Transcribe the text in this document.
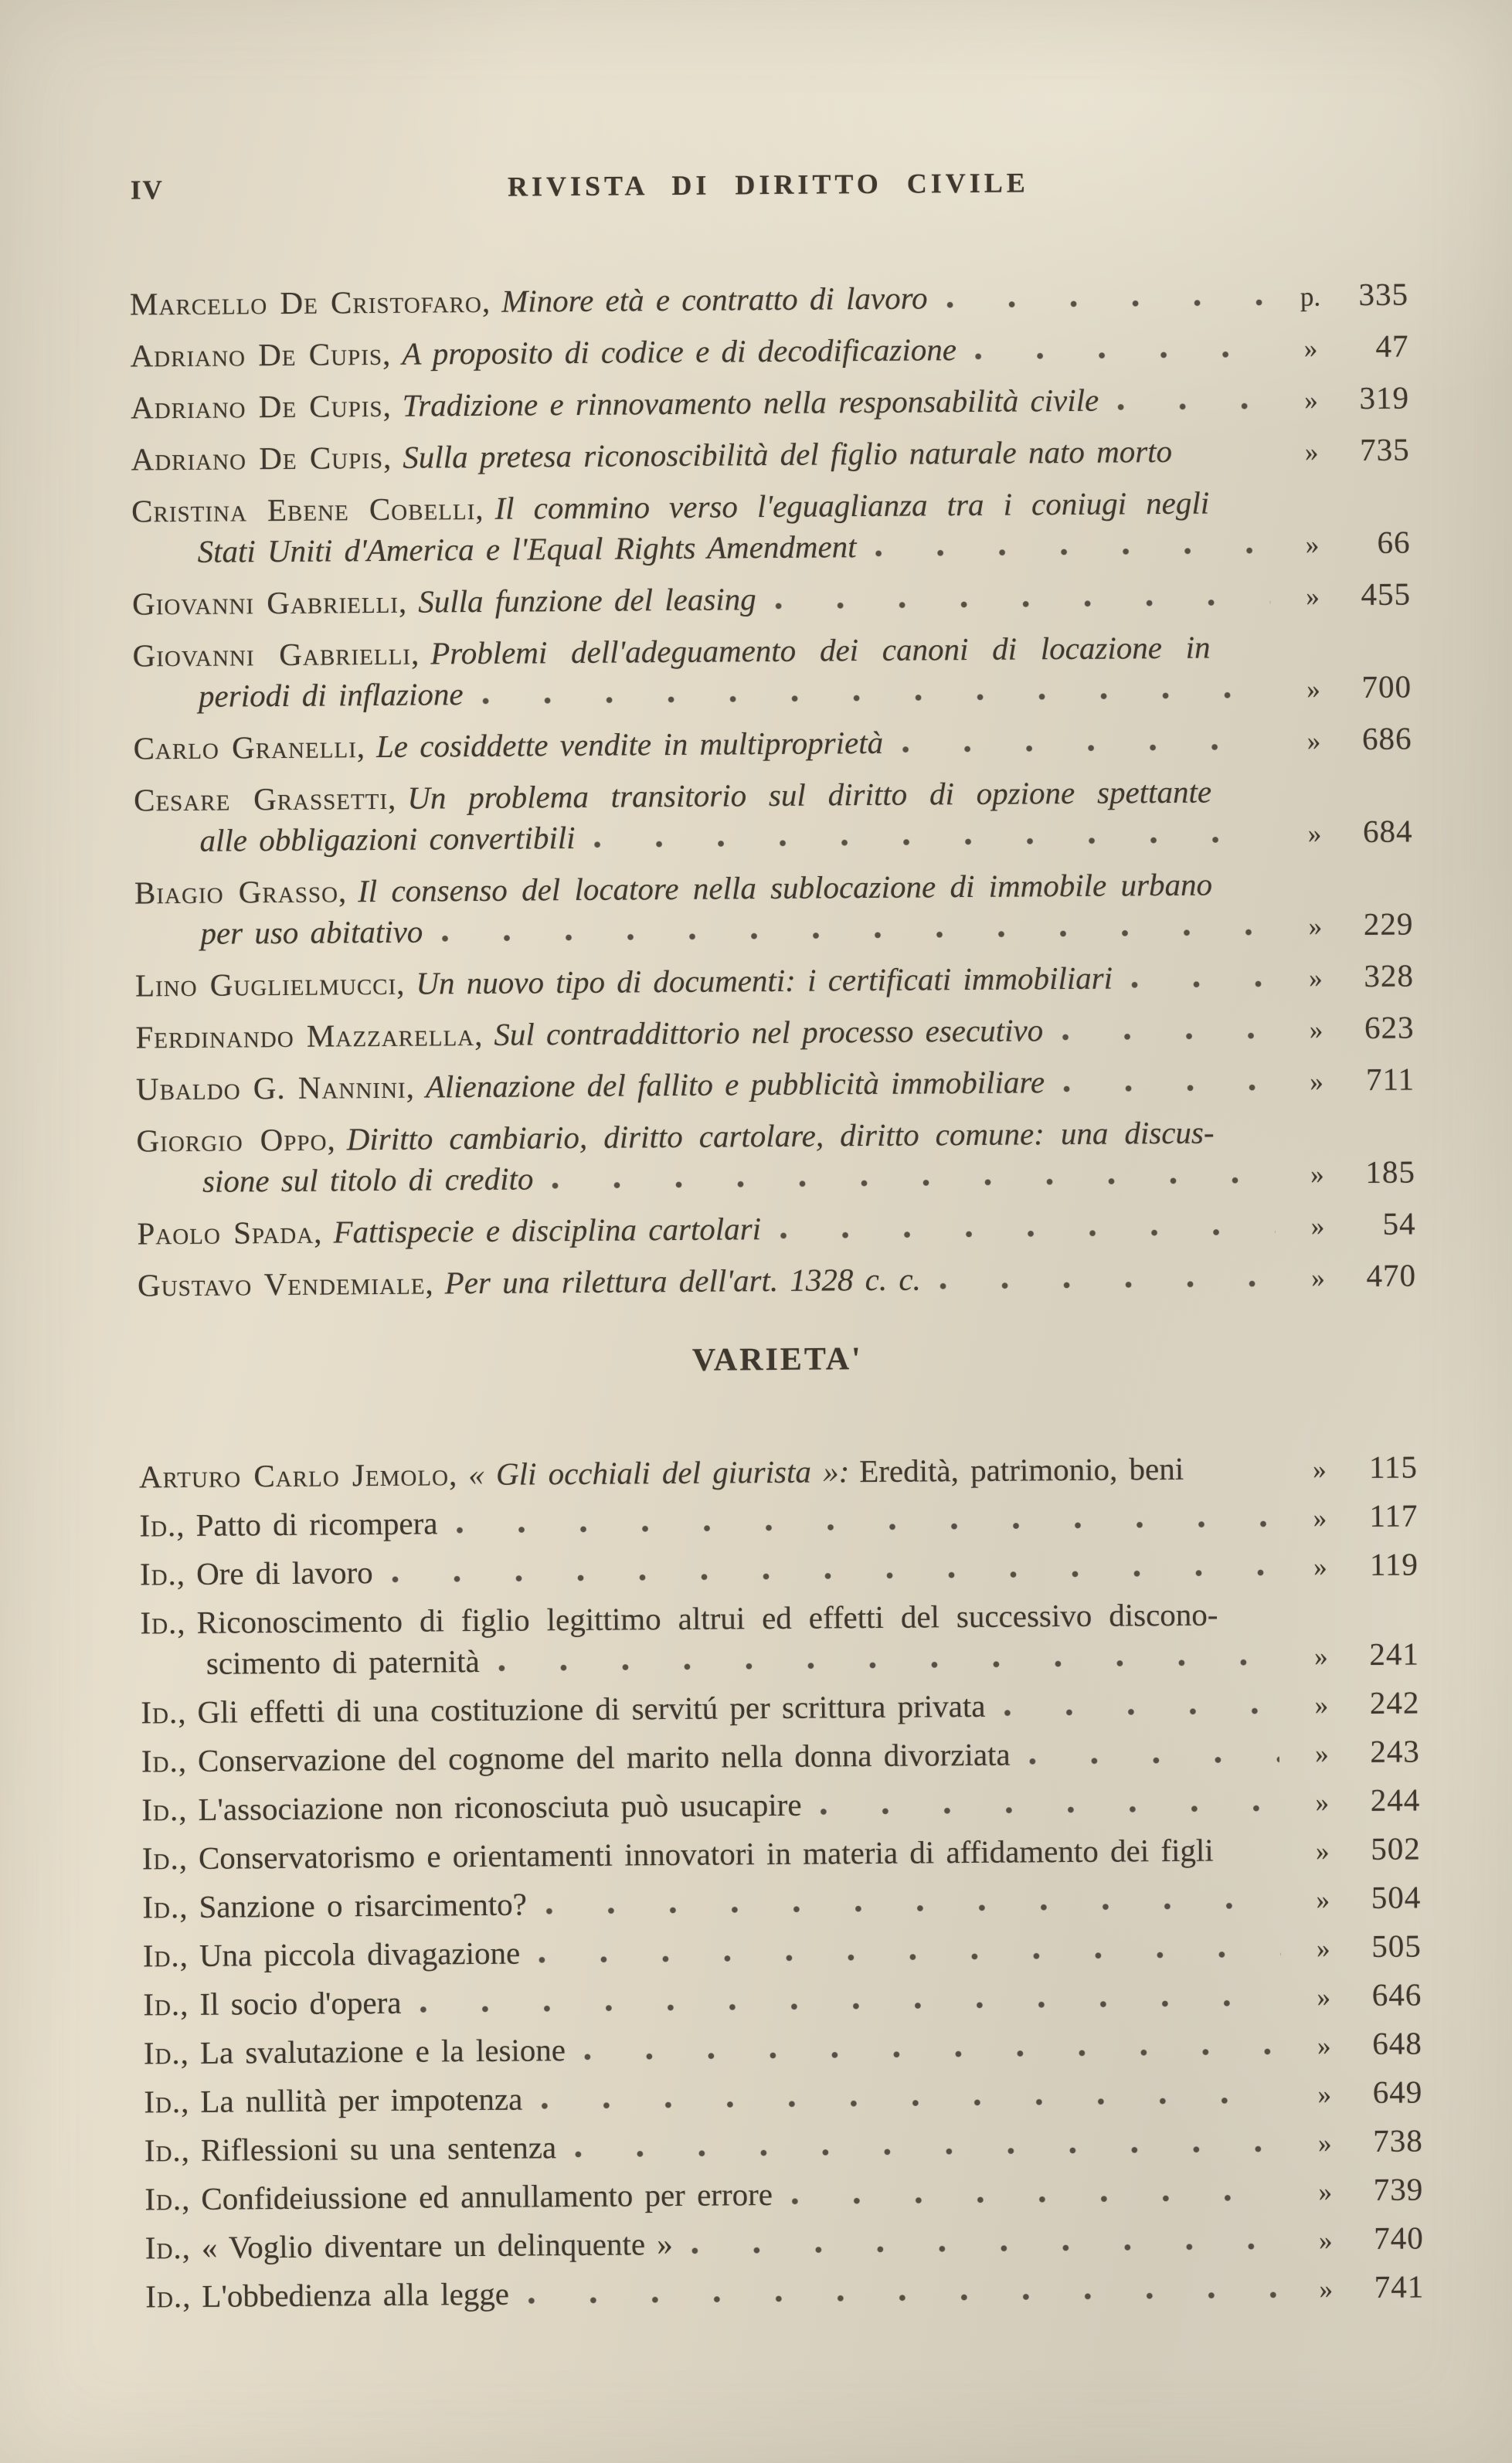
IV	RIVISTA DI DIRITTO CIVILE
Marcello De Cristofaro, Minore età e contratto di lavoro	p.	335
Adriano De Cupis, A proposito di codice e di decodificazione	»	47
Adriano De Cupis, Tradizione e rinnovamento nella responsabilità civile	»	319
Adriano De Cupis, Sulla pretesa riconoscibilità del figlio naturale nato morto	»	735
Cristina Ebene Cobelli, Il commino verso l'eguaglianza tra i coniugi negli
Stati Uniti d'America e l'Equal Rights Amendment	»	66
Giovanni Gabrielli, Sulla funzione del leasing	»	455
Giovanni Gabrielli, Problemi dell'adeguamento dei canoni di locazione in
periodi di inflazione	»	700
Carlo Granelli, Le cosiddette vendite in multiproprietà	»	686
Cesare Grassetti, Un problema transitorio sul diritto di opzione spettante
alle obbligazioni convertibili	»	684
Biagio Grasso, Il consenso del locatore nella sublocazione di immobile urbano
per uso abitativo	»	229
Lino Guglielmucci, Un nuovo tipo di documenti: i certificati immobiliari	»	328
Ferdinando Mazzarella, Sul contraddittorio nel processo esecutivo	»	623
Ubaldo G. Nannini, Alienazione del fallito e pubblicità immobiliare	»	711
Giorgio Oppo, Diritto cambiario, diritto cartolare, diritto comune: una discus-
sione sul titolo di credito	»	185
Paolo Spada, Fattispecie e disciplina cartolari	»	54
Gustavo Vendemiale, Per una rilettura dell'art. 1328 c. c.	»	470
VARIETA'
Arturo Carlo Jemolo, « Gli occhiali del giurista »: Eredità, patrimonio, beni	»	115
Id., Patto di ricompera	»	117
Id., Ore di lavoro	»	119
Id., Riconoscimento di figlio legittimo altrui ed effetti del successivo discono-
scimento di paternità	»	241
Id., Gli effetti di una costituzione di servitú per scrittura privata	»	242
Id., Conservazione del cognome del marito nella donna divorziata	»	243
Id., L'associazione non riconosciuta può usucapire	»	244
Id., Conservatorismo e orientamenti innovatori in materia di affidamento dei figli	»	502
Id., Sanzione o risarcimento?	»	504
Id., Una piccola divagazione	»	505
Id., Il socio d'opera	»	646
Id., La svalutazione e la lesione	»	648
Id., La nullità per impotenza	»	649
Id., Riflessioni su una sentenza	»	738
Id., Confideiussione ed annullamento per errore	»	739
Id., « Voglio diventare un delinquente »	»	740
Id., L'obbedienza alla legge	»	741
